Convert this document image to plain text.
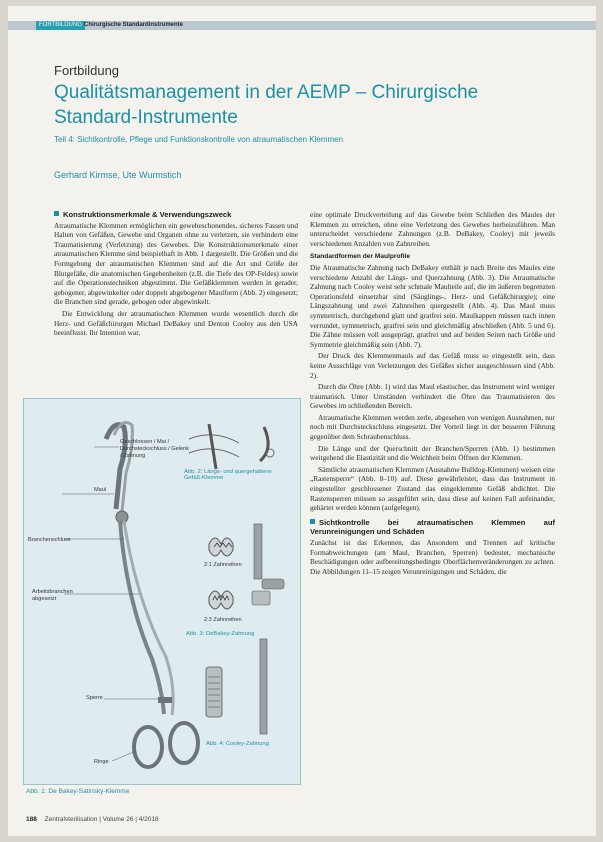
FORTBILDUNG Chirurgische Standardinstrumente
Fortbildung
Qualitätsmanagement in der AEMP – Chirurgische Standard-Instrumente
Teil 4: Sichtkontrolle, Pflege und Funktionskontrolle von atraumatischen Klemmen
Gerhard Kirmse, Ute Wurmstich
Konstruktionsmerkmale & Verwendungszweck

Atraumatische Klemmen ermöglichen ein gewebeschonendes, sicheres Fassen und Halten von Gefäßen, Gewebe und Organen ohne zu verletzen, sie verhindern eine Traumatisierung (Verletzung) des Gewebes. Die Konstruktionsmerkmale einer atraumatischen Klemme sind beispielhaft in Abb. 1 dargestellt. Die Größen und die Formgebung der atraumatischen Klemmen sind auf die Art und Größe der Blutgefäße, die anatomischen Gegebenheiten (z.B. die Tiefe des OP-Feldes) sowie auf die Operationstechniken abgestimmt. Die Gefäßklemmen werden in gerader, gebogener, abgewinkelter oder doppelt abgebogener Maulform (Abb. 2) eingesetzt; die Branchen sind gerade, gebogen oder abgewinkelt.

Die Entwicklung der atraumatischen Klemmen wurde wesentlich durch die Herz- und Gefäßchirurgen Michael DeBakey und Denton Cooley aus den USA beeinflusst. Ihr Intention war,

eine optimale Druckverteilung auf das Gewebe beim Schließen des Maules der Klemmen zu erreichen, ohne eine Verletzung des Gewebes herbeizuführen. Man unterscheidet verschiedene Zahnungen (z.B. DeBakey, Cooley) mit jeweils verschiedenen Anzahlen von Zahnreihen.

Standardformen der Maulprofile

Die Atraumatische Zahnung nach DeBakey enthält je nach Breite des Maules eine verschiedene Anzahl der Längs- und Querzahnung (Abb. 3). Die Atraumatische Zahnung nach Cooley weist sehr schmale Maulteile auf, die im äußeren begrenzten Operationsfeld einsetzbar sind (Säuglings-, Herz- und Gefäßchirurgie); eine Längszahnung und zwei Zahnreihen quergestellt (Abb. 4). Das Maul muss symmetrisch, durchgehend glatt und gratfrei sein. Maulkappen müssen nach innen verrundet, symmetrisch, gratfrei sein und gleichmäßig abschließen (Abb. 5 und 6). Die Zähne müssen voll ausgeprägt, gratfrei und auf beiden Seiten nach Größe und Symmetrie gleichmäßig sein (Abb. 7).

Der Druck des Klemmenmauls auf das Gefäß muss so eingestellt sein, dass keine Ausschläge von Verletzungen des Gefäßes sicher ausgeschlossen sind (Abb. 2).

Durch die Öhre (Abb. 1) wird das Maul elastischer, das Instrument wird weniger traumatisch. Unter Umständen verhindert die Öhre das Traumatisieren des Gewebes im schließenden Bereich.

Atraumatische Klemmen werden zerle, abgesehen von wenigen Ausnahmen, nur noch mit Durchsteckschluss eingesetzt. Der Vorteil liegt in der besseren Führung gegenüber dem Schraubenschluss.

Die Länge und der Querschnitt der Branchen/Sperren (Abb. 1) bestimmen weitgehend die Elastizität und die Weichheit beim Öffnen der Klemmen.

Sämtliche atraumatischen Klemmen (Ausnahme Bulldog-Klemmen) weisen eine „Rastensperre“ (Abb. 8–10) auf. Diese gewährleistet, dass das Instrument in eingestellter geschlossener Zustand das eingeklemmte Gefäß abdichtet. Die Rastensperren müssen so ausgeführt sein, dass diese auf keinen Fall aufeinander, gehärtet werden können (aufgelegen).

Sichtkontrolle bei atraumatischen Klemmen auf Verunreinigungen und Schäden

Zunächst ist das Erkennen, das Ansondern und Trennen auf kritische Formabweichungen (am Maul, Branchen, Sperren) bedeutet, mechanische Beschädigungen oder aufbereitungsbedingte Oberflächenveränderungen zu achten. Die Abbildungen 11–15 zeigen Verunreinigungen und Schäden, die

Geschlossen / Mai / Durchsteckschluss / Gelenk / Zahnung
Maul
Branchenschluss
Arbeitsbranchen abgesetzt
Sperre
Ringe
Abb. 2: Längs- und quergehaltene Gefäß-Klemme
2:1 Zahnreihen
2:3 Zahnreihen
Abb. 3: DeBakey-Zahnung
Abb. 4: Cooley-Zahnung
Abb. 1: De Bakey-Satinsky-Klemme
188 Zentralsterilisation | Volume 26 | 4/2018
